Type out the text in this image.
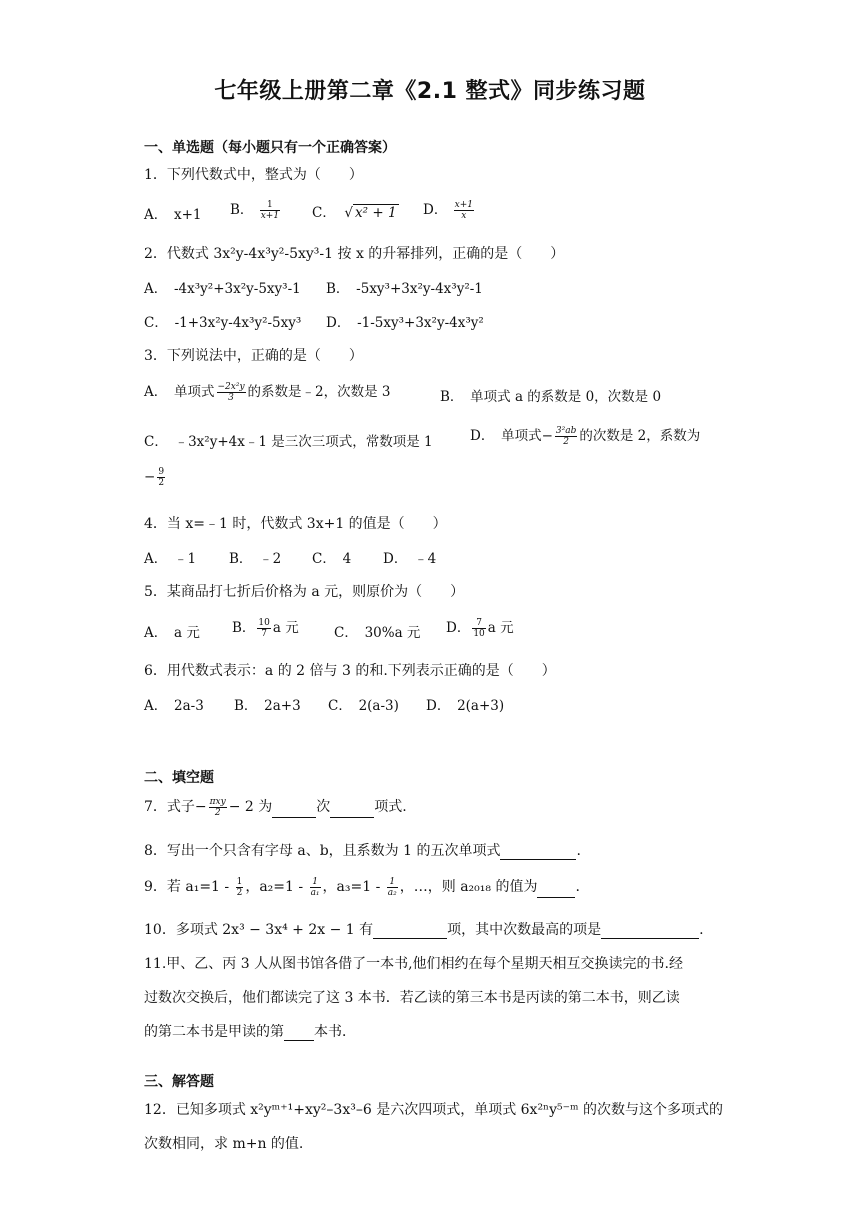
七年级上册第二章《2.1 整式》同步练习题
一、单选题（每小题只有一个正确答案）
1．下列代数式中，整式为（　　）
A．　x+1 B． $\frac{1}{x+1}$ C．  √ x² + 1 D． $\frac{x+1}{x}$
2．代数式 3x²y-4x³y²-5xy³-1 按 x 的升幂排列，正确的是（　　）
A．　-4x³y²+3x²y-5xy³-1 B．　-5xy³+3x²y-4x³y²-1
C．　-1+3x²y-4x³y²-5xy³ D．　-1-5xy³+3x²y-4x³y²
3．下列说法中，正确的是（　　）
A．　单项式 $\frac{\text{−2x²y}}{3}$ 的系数是﹣2，次数是 3	B．　单项式 a 的系数是 0，次数是 0
C．　﹣3x²y+4x﹣1 是三次三项式，常数项是 1	D．　单项式− $\frac{\text{3²ab}}{2}$ 的次数是 2，系数为
− $\frac{9}{2}$
4．当 x=﹣1 时，代数式 3x+1 的值是（　　）
A．　﹣1 B．　﹣2 C．　4 D．　﹣4
5．某商品打七折后价格为 a 元，则原价为（　　）
A．　a 元 B． $\frac{10}{7}$ a 元	C．　30%a 元 D． $\frac{7}{10}$ a 元
6．用代数式表示：a 的 2 倍与 3 的和.下列表示正确的是（　　）
A．　2a-3 B．　2a+3 C．　2(a-3) D．　2(a+3)
二、填空题
7．式子− $\frac{\text{πxy}}{2} - 2$ 为	次	项式.
8．写出一个只含有字母 a、b，且系数为 1 的五次单项式	.
9．若 $a_1=1 - \frac{1}{2}$ ，$a_2=1 - \frac{1}{\text{a₁}}$ ，$a_3=1 - \frac{1}{\text{a₂}}$ ，…，则 a₂₀₁₈ 的值为	.
10．多项式 2x³ − 3x⁴ + 2x − 1 有	项，其中次数最高的项是	.
11.甲、乙、丙 3 人从图书馆各借了一本书,他们相约在每个星期天相互交换读完的书.经
过数次交换后，他们都读完了这 3 本书．若乙读的第三本书是丙读的第二本书，则乙读
的第二本书是甲读的第 本书．
三、解答题
12．已知多项式 x²yᵐ⁺¹+xy²–3x³–6 是六次四项式，单项式 6x²ⁿy⁵⁻ᵐ 的次数与这个多项式的
次数相同，求 m+n 的值.
